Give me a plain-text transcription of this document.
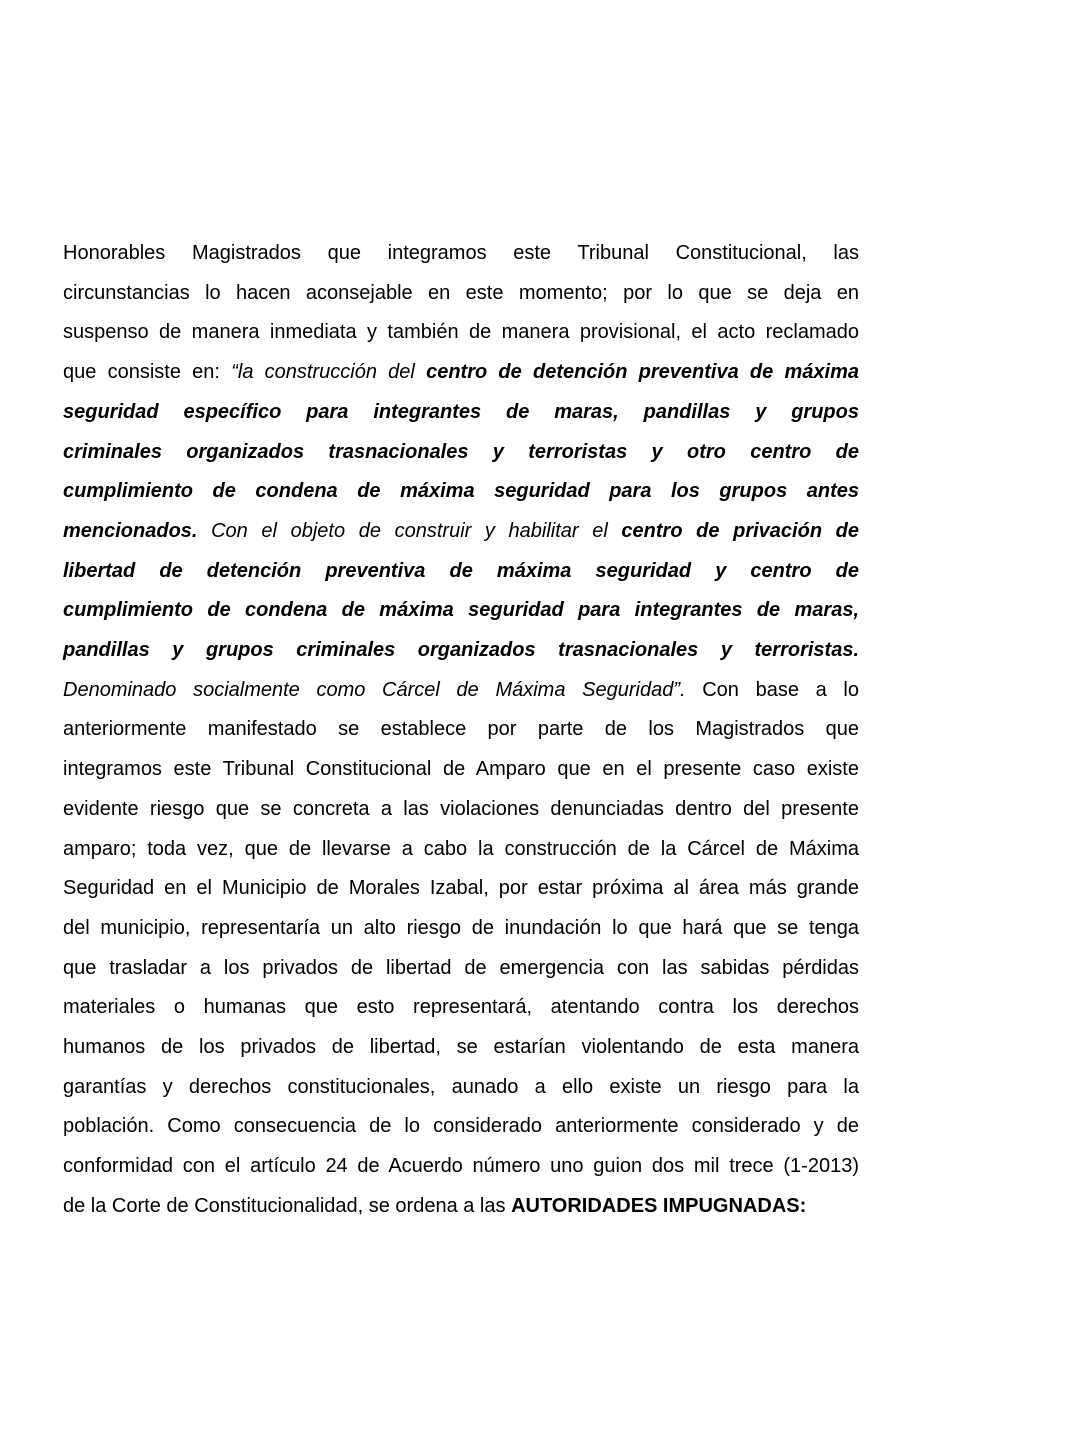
Honorables Magistrados que integramos este Tribunal Constitucional, las
circunstancias lo hacen aconsejable en este momento; por lo que se deja en
suspenso de manera inmediata y también de manera provisional, el acto reclamado
que consiste en: “la construcción del centro de detención preventiva de máxima
seguridad específico para integrantes de maras, pandillas y grupos
criminales organizados trasnacionales y terroristas y otro centro de
cumplimiento de condena de máxima seguridad para los grupos antes
mencionados. Con el objeto de construir y habilitar el centro de privación de
libertad de detención preventiva de máxima seguridad y centro de
cumplimiento de condena de máxima seguridad para integrantes de maras,
pandillas y grupos criminales organizados trasnacionales y terroristas.
Denominado socialmente como Cárcel de Máxima Seguridad”. Con base a lo
anteriormente manifestado se establece por parte de los Magistrados que
integramos este Tribunal Constitucional de Amparo que en el presente caso existe
evidente riesgo que se concreta a las violaciones denunciadas dentro del presente
amparo; toda vez, que de llevarse a cabo la construcción de la Cárcel de Máxima
Seguridad en el Municipio de Morales Izabal, por estar próxima al área más grande
del municipio, representaría un alto riesgo de inundación lo que hará que se tenga
que trasladar a los privados de libertad de emergencia con las sabidas pérdidas
materiales o humanas que esto representará, atentando contra los derechos
humanos de los privados de libertad, se estarían violentando de esta manera
garantías y derechos constitucionales, aunado a ello existe un riesgo para la
población. Como consecuencia de lo considerado anteriormente considerado y de
conformidad con el artículo 24 de Acuerdo número uno guion dos mil trece (1-2013)
de la Corte de Constitucionalidad, se ordena a las AUTORIDADES IMPUGNADAS:
